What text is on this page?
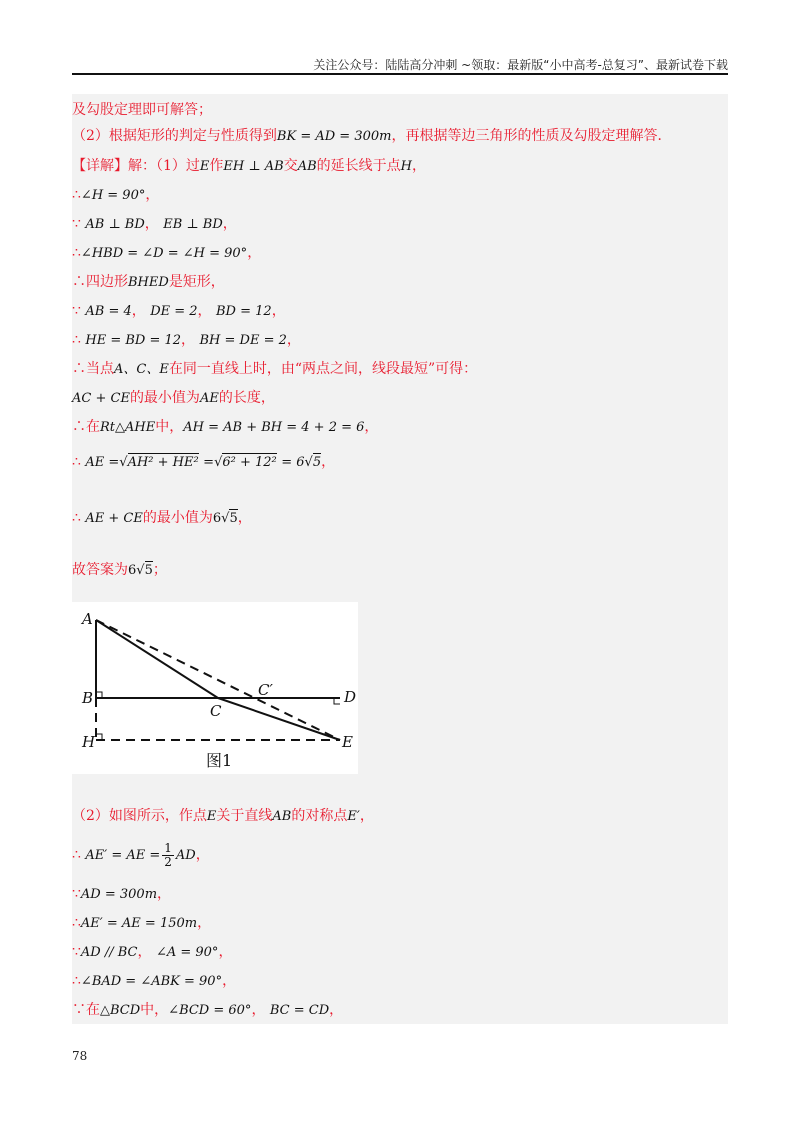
关注公众号：陆陆高分冲刺 ~领取：最新版“小中高考-总复习”、最新试卷下载
及勾股定理即可解答；
（2）根据矩形的判定与性质得到BK = AD = 300m，再根据等边三角形的性质及勾股定理解答．
【详解】解：（1）过E作EH ⊥ AB交AB的延长线于点H，
∴∠H = 90°，
∵ AB ⊥ BD， EB ⊥ BD，
∴∠HBD = ∠D = ∠H = 90°，
∴四边形BHED是矩形，
∵ AB = 4， DE = 2， BD = 12，
∴ HE = BD = 12， BH = DE = 2，
∴当点A、C、E在同一直线上时，由“两点之间，线段最短”可得：
AC + CE的最小值为AE的长度，
∴在Rt△AHE中，AH = AB + BH = 4 + 2 = 6，
∴ AE =√AH² + HE² =√6² + 12² = 6√5，
∴ AE + CE的最小值为6√5，
故答案为6√5；
A
B
C
C′	D
H	E
图1
（2）如图所示，作点E关于直线AB的对称点E′，
∴ AE′ = AE = $\frac{1}{2}$ AD，
∵AD = 300m，
∴AE′ = AE = 150m，
∵AD // BC， ∠A = 90°，
∴∠BAD = ∠ABK = 90°，
∵在△BCD中，∠BCD = 60°， BC = CD，
78
